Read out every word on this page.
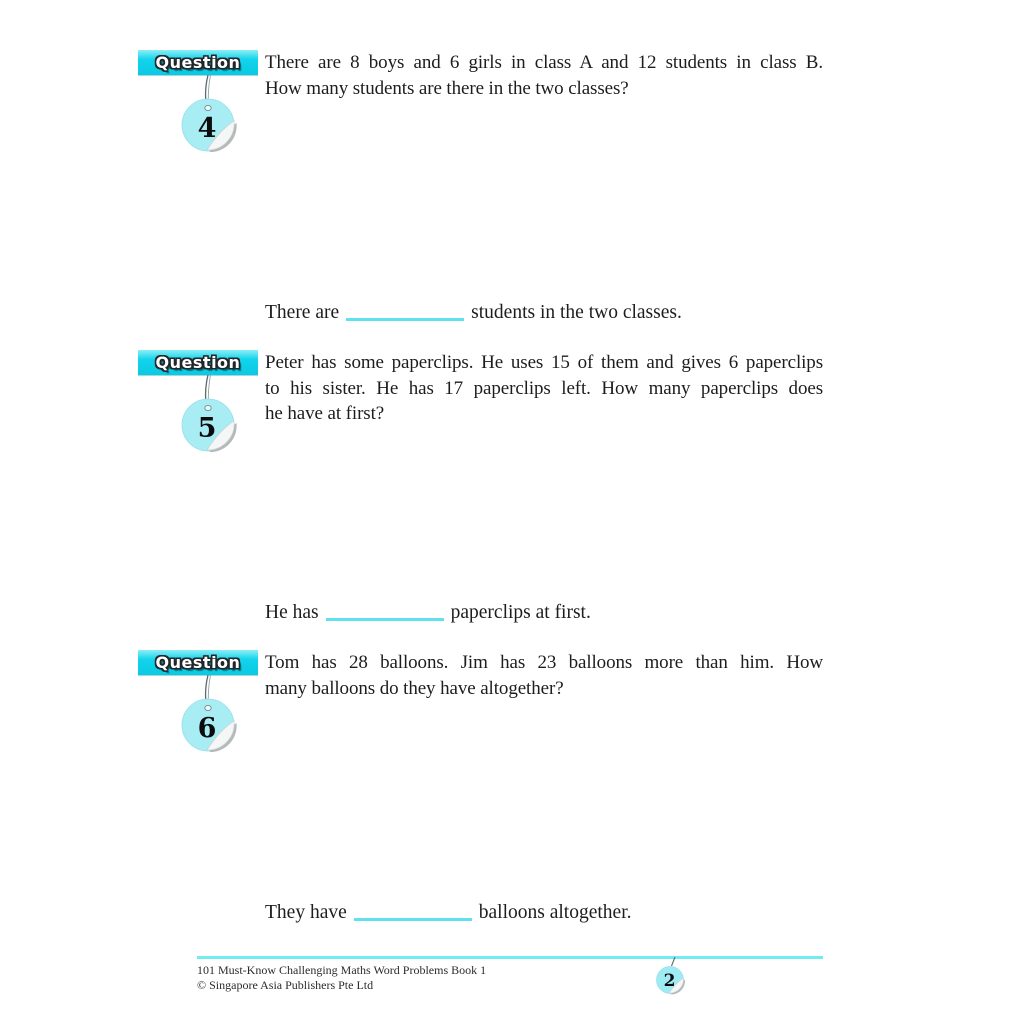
Question
4
There are 8 boys and 6 girls in class A and 12 students in class B.
How many students are there in the two classes?
There are	students in the two classes.
Question
5
Peter has some paperclips. He uses 15 of them and gives 6 paperclips
to his sister. He has 17 paperclips left. How many paperclips does
he have at first?
He has	paperclips at first.
Question
6
Tom has 28 balloons. Jim has 23 balloons more than him. How
many balloons do they have altogether?
They have	balloons altogether.
101 Must-Know Challenging Maths Word Problems Book 1
© Singapore Asia Publishers Pte Ltd	2
